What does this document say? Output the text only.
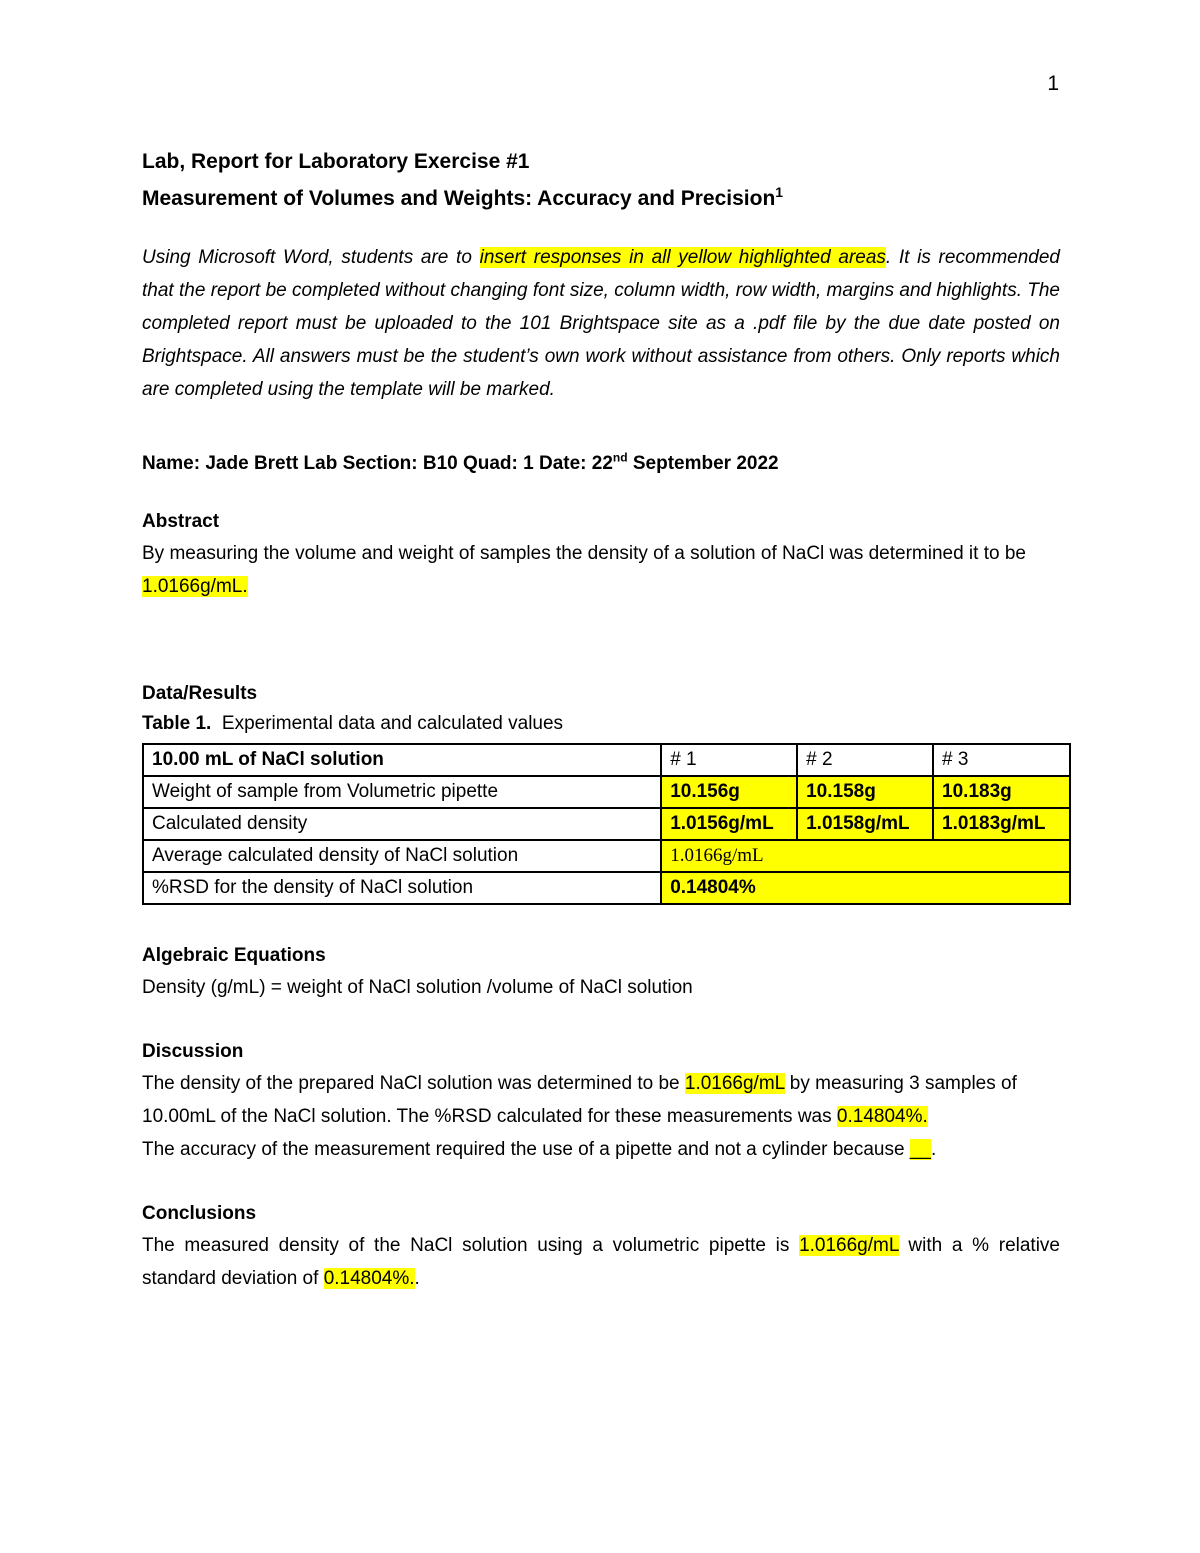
1

Lab, Report for Laboratory Exercise #1

Measurement of Volumes and Weights: Accuracy and Precision$^1$

Using Microsoft Word, students are to insert responses in all yellow highlighted areas. It is recommended that the report be completed without changing font size, column width, row width, margins and highlights. The completed report must be uploaded to the 101 Brightspace site as a .pdf file by the due date posted on Brightspace. All answers must be the student’s own work without assistance from others. Only reports which are completed using the template will be marked.

Name: Jade Brett Lab Section: B10 Quad: 1 Date: 22nd September 2022

Abstract

By measuring the volume and weight of samples the density of a solution of NaCl was determined it to be 1.0166g/mL.

Data/Results

Table 1.  Experimental data and calculated values

10.00 mL of NaCl solution	# 1	# 2	# 3
Weight of sample from Volumetric pipette	10.156g	10.158g	10.183g
Calculated density	1.0156g/mL	1.0158g/mL	1.0183g/mL
Average calculated density of NaCl solution	1.0166g/mL		
%RSD for the density of NaCl solution	0.14804%		

Algebraic Equations

Density (g/mL) = weight of NaCl solution /volume of NaCl solution

Discussion

The density of the prepared NaCl solution was determined to be 1.0166g/mL by measuring 3 samples of 10.00mL of the NaCl solution. The %RSD calculated for these measurements was 0.14804%.

The accuracy of the measurement required the use of a pipette and not a cylinder because __.

Conclusions

The measured density of the NaCl solution using a volumetric pipette is 1.0166g/mL with a % relative standard deviation of 0.14804%..
